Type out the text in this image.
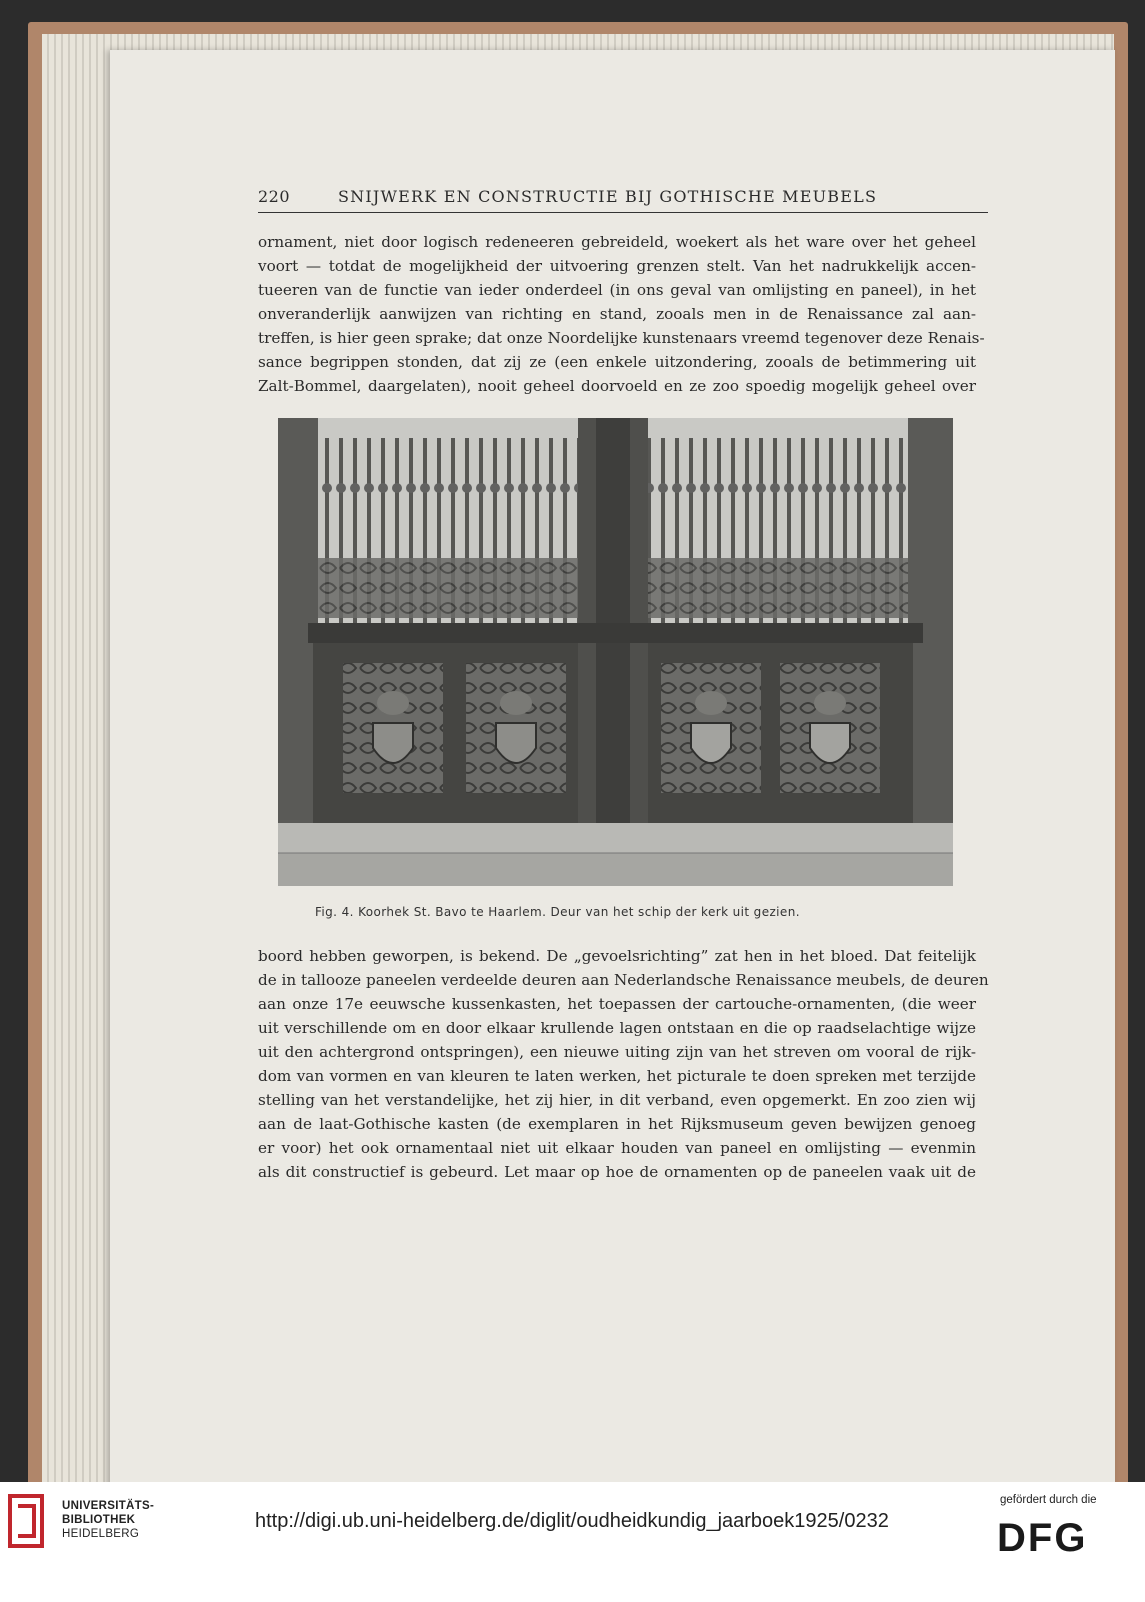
220	SNIJWERK EN CONSTRUCTIE BIJ GOTHISCHE MEUBELS
ornament, niet door logisch redeneeren gebreideld, woekert als het ware over het geheel
voort — totdat de mogelijkheid der uitvoering grenzen stelt. Van het nadrukkelijk accen-
tueeren van de functie van ieder onderdeel (in ons geval van omlijsting en paneel), in het
onveranderlijk aanwijzen van richting en stand, zooals men in de Renaissance zal aan-
treffen, is hier geen sprake; dat onze Noordelijke kunstenaars vreemd tegenover deze Renais-
sance begrippen stonden, dat zij ze (een enkele uitzondering, zooals de betimmering uit
Zalt-Bommel, daargelaten), nooit geheel doorvoeld en ze zoo spoedig mogelijk geheel over
Fig. 4. Koorhek St. Bavo te Haarlem. Deur van het schip der kerk uit gezien.
boord hebben geworpen, is bekend. De „gevoelsrichting” zat hen in het bloed. Dat feitelijk
de in tallooze paneelen verdeelde deuren aan Nederlandsche Renaissance meubels, de deuren
aan onze 17e eeuwsche kussenkasten, het toepassen der cartouche-ornamenten, (die weer
uit verschillende om en door elkaar krullende lagen ontstaan en die op raadselachtige wijze
uit den achtergrond ontspringen), een nieuwe uiting zijn van het streven om vooral de rijk-
dom van vormen en van kleuren te laten werken, het picturale te doen spreken met terzijde
stelling van het verstandelijke, het zij hier, in dit verband, even opgemerkt. En zoo zien wij
aan de laat-Gothische kasten (de exemplaren in het Rijksmuseum geven bewijzen genoeg
er voor) het ook ornamentaal niet uit elkaar houden van paneel en omlijsting — evenmin
als dit constructief is gebeurd. Let maar op hoe de ornamenten op de paneelen vaak uit de
UNIVERSITÄTS-
BIBLIOTHEK
HEIDELBERG
http://digi.ub.uni-heidelberg.de/diglit/oudheidkundig_jaarboek1925/0232
gefördert durch die
DFG
